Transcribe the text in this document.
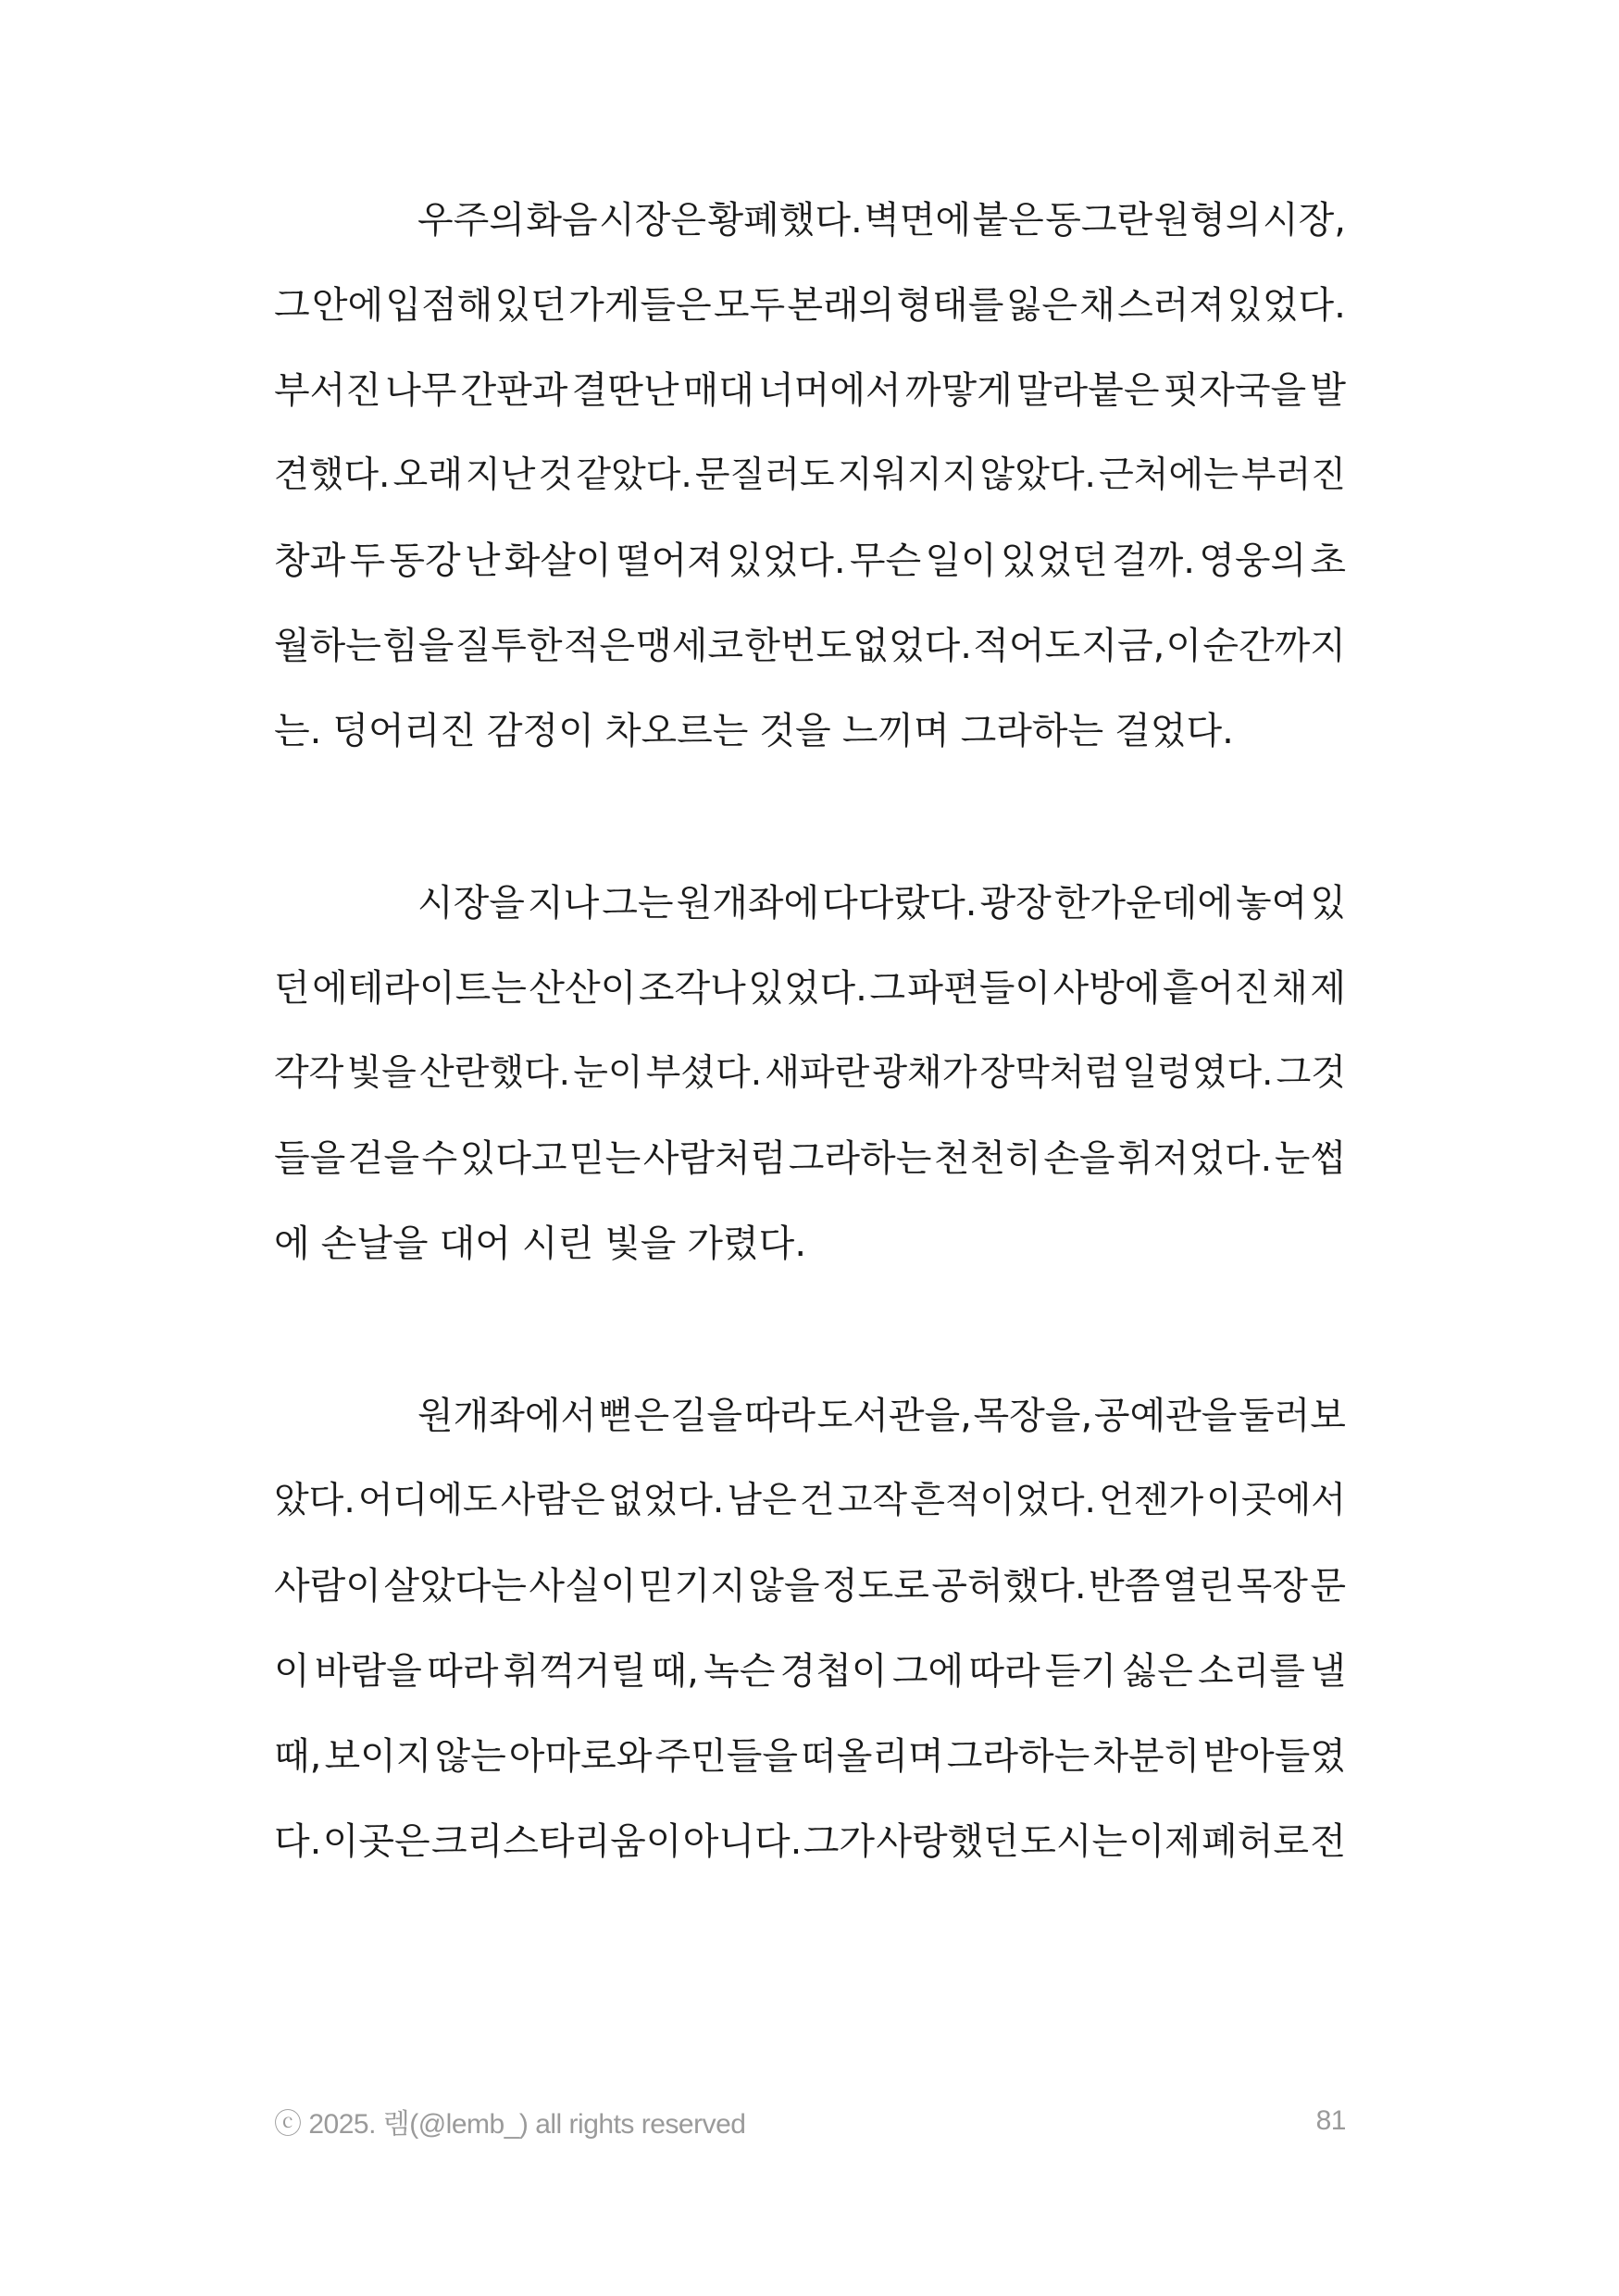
우주의 화음 시장은 황폐했다. 벽면에 붙은 동그란 원형의 시장,
그 안에 입점해 있던 가게들은 모두 본래의 형태를 잃은 채 스러져 있었다.
부서진 나무 간판과 결딴난 매대 너머에서 까맣게 말라붙은 핏자국을 발
견했다. 오래 지난 것 같았다. 문질러도 지워지지 않았다. 근처에는 부러진
창과 두 동강 난 화살이 떨어져 있었다. 무슨 일이 있었던 걸까. 영웅의 초
월하는 힘을 질투한 적은 맹세코 한번도 없었다. 적어도 지금, 이 순간까지
는. 덩어리진 감정이 차오르는 것을 느끼며 그라하는 걸었다.
시장을 지나 그는 원개좌에 다다랐다. 광장 한가운데에 놓여 있
던 에테라이트는 산산이 조각나 있었다. 그 파편들이 사방에 흩어진 채 제
각각 빛을 산란했다. 눈이 부셨다. 새파란 광채가 장막처럼 일렁였다. 그것
들을 걷을 수 있다고 믿는 사람처럼 그라하는 천천히 손을 휘저었다. 눈썹
에 손날을 대어 시린 빛을 가렸다.
원개좌에서 뻗은 길을 따라 도서관을, 목장을, 공예관을 둘러보
았다. 어디에도 사람은 없었다. 남은 건 고작 흔적이었다. 언젠가 이곳에서
사람이 살았다는 사실이 믿기지 않을 정도로 공허했다. 반쯤 열린 목장 문
이 바람을 따라 휘꺽거릴 때, 녹슨 경첩이 그에 따라 듣기 싫은 소리를 낼
때, 보이지 않는 아마로와 주민들을 떠올리며 그라하는 차분히 받아들였
다. 이곳은 크리스타리움이 아니다. 그가 사랑했던 도시는 이제 폐허로 전
ⓒ 2025. 렘(@lemb_) all rights reserved	81
